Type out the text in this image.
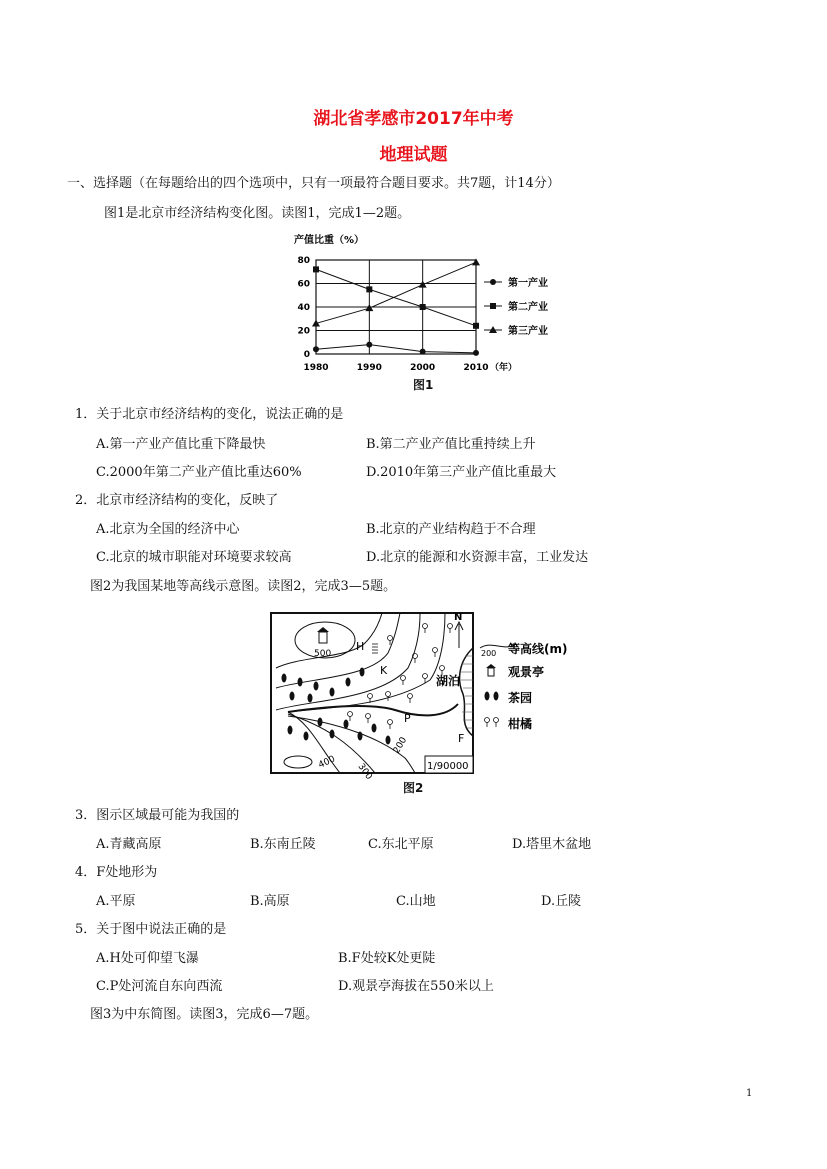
湖北省孝感市2017年中考
地理试题
一、选择题（在每题给出的四个选项中，只有一项最符合题目要求。共7题，计14分）
图1是北京市经济结构变化图。读图1，完成1—2题。
产值比重（%）
0
20
40
60
80
1980	1990	2000	2010 （年）
第一产业
第二产业
第三产业
图1
1．关于北京市经济结构的变化，说法正确的是
A.第一产业产值比重下降最快	B.第二产业产值比重持续上升
C.2000年第二产业产值比重达60%	D.2010年第三产业产值比重最大
2．北京市经济结构的变化，反映了
A.北京为全国的经济中心	B.北京的产业结构趋于不合理
C.北京的城市职能对环境要求较高	D.北京的能源和水资源丰富，工业发达
图2为我国某地等高线示意图。读图2，完成3—5题。
N
H
K
P
F
湖泊
500
400 300
200
1/90000
200 等高线(m)
观景亭
茶园
柑橘
图2
3．图示区域最可能为我国的
A.青藏高原	B.东南丘陵	C.东北平原	D.塔里木盆地
4．F处地形为
A.平原	B.高原	C.山地	D.丘陵
5．关于图中说法正确的是
A.H处可仰望飞瀑	B.F处较K处更陡
C.P处河流自东向西流	D.观景亭海拔在550米以上
图3为中东简图。读图3，完成6—7题。
1
